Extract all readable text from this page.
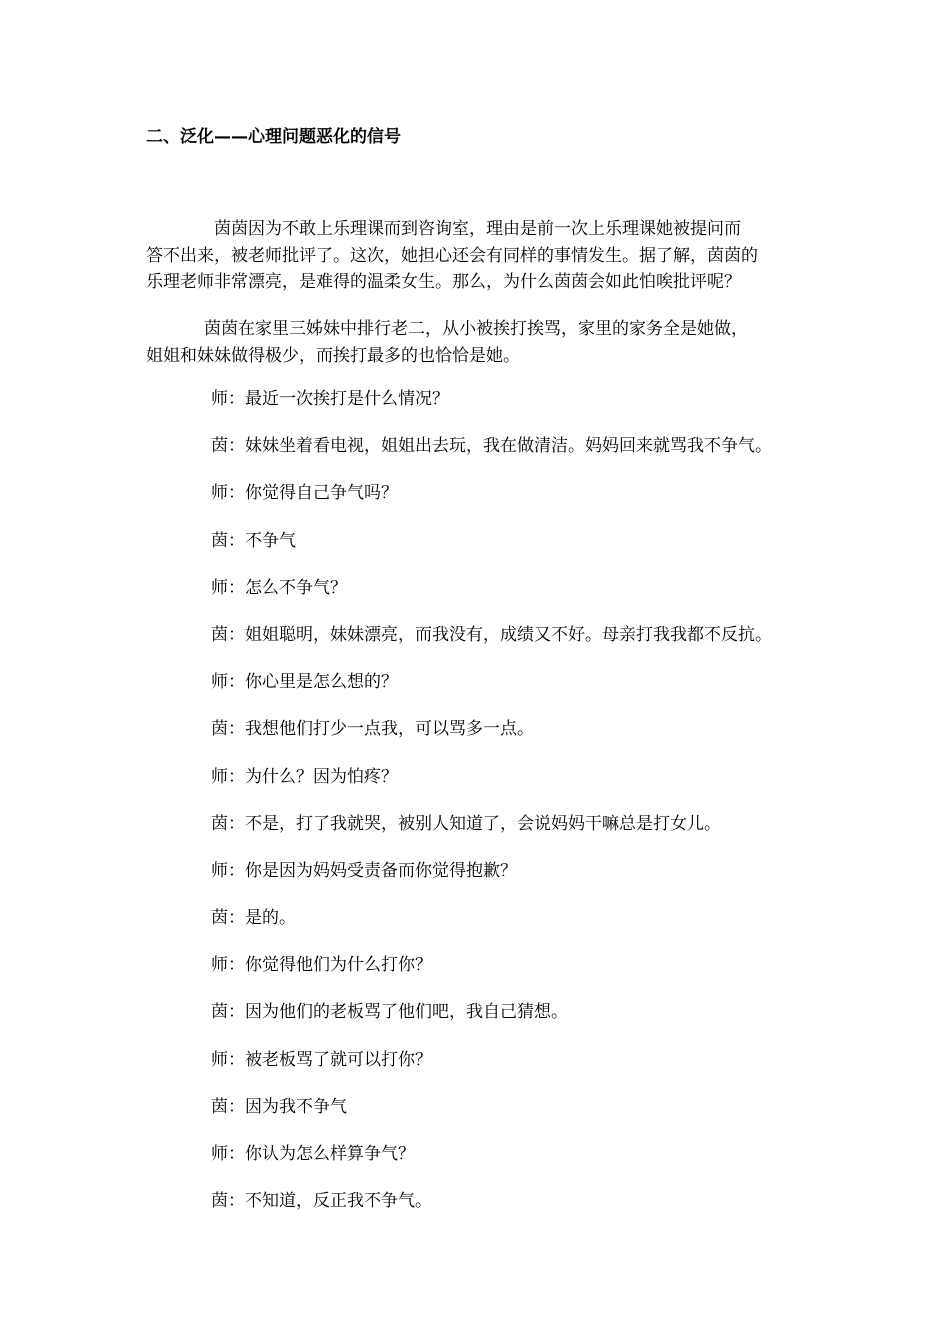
二、泛化——心理问题恶化的信号

茵茵因为不敢上乐理课而到咨询室，理由是前一次上乐理课她被提问而
答不出来，被老师批评了。这次，她担心还会有同样的事情发生。据了解，茵茵的
乐理老师非常漂亮，是难得的温柔女生。那么，为什么茵茵会如此怕唉批评呢？

茵茵在家里三姊妹中排行老二，从小被挨打挨骂，家里的家务全是她做，
姐姐和妹妹做得极少，而挨打最多的也恰恰是她。

师：最近一次挨打是什么情况？
茵：妹妹坐着看电视，姐姐出去玩，我在做清洁。妈妈回来就骂我不争气。
师：你觉得自己争气吗？
茵：不争气
师：怎么不争气？
茵：姐姐聪明，妹妹漂亮，而我没有，成绩又不好。母亲打我我都不反抗。
师：你心里是怎么想的？
茵：我想他们打少一点我，可以骂多一点。
师：为什么？因为怕疼？
茵：不是，打了我就哭，被别人知道了，会说妈妈干嘛总是打女儿。
师：你是因为妈妈受责备而你觉得抱歉？
茵：是的。
师：你觉得他们为什么打你？
茵：因为他们的老板骂了他们吧，我自己猜想。
师：被老板骂了就可以打你？
茵：因为我不争气
师：你认为怎么样算争气？
茵：不知道，反正我不争气。
